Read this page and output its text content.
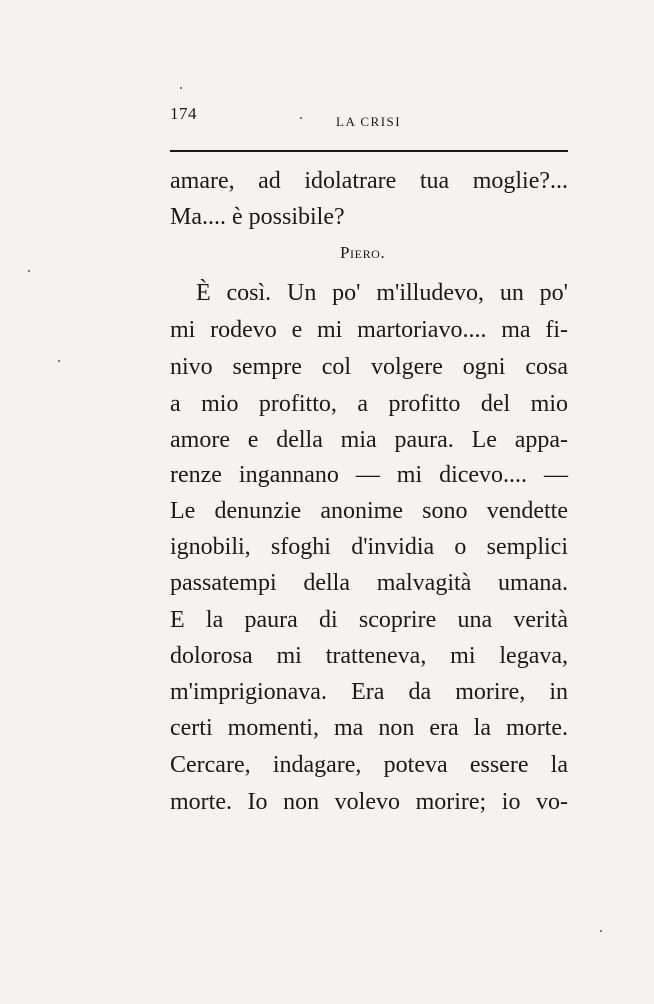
174	LA CRISI
amare, ad idolatrare tua moglie?...
Ma.... è possibile?
Piero.
È così. Un po' m'illudevo, un po'
mi rodevo e mi martoriavo.... ma fi-
nivo sempre col volgere ogni cosa
a mio profitto, a profitto del mio
amore e della mia paura. Le appa-
renze ingannano — mi dicevo.... —
Le denunzie anonime sono vendette
ignobili, sfoghi d'invidia o semplici
passatempi della malvagità umana.
E la paura di scoprire una verità
dolorosa mi tratteneva, mi legava,
m'imprigionava. Era da morire, in
certi momenti, ma non era la morte.
Cercare, indagare, poteva essere la
morte. Io non volevo morire; io vo-
